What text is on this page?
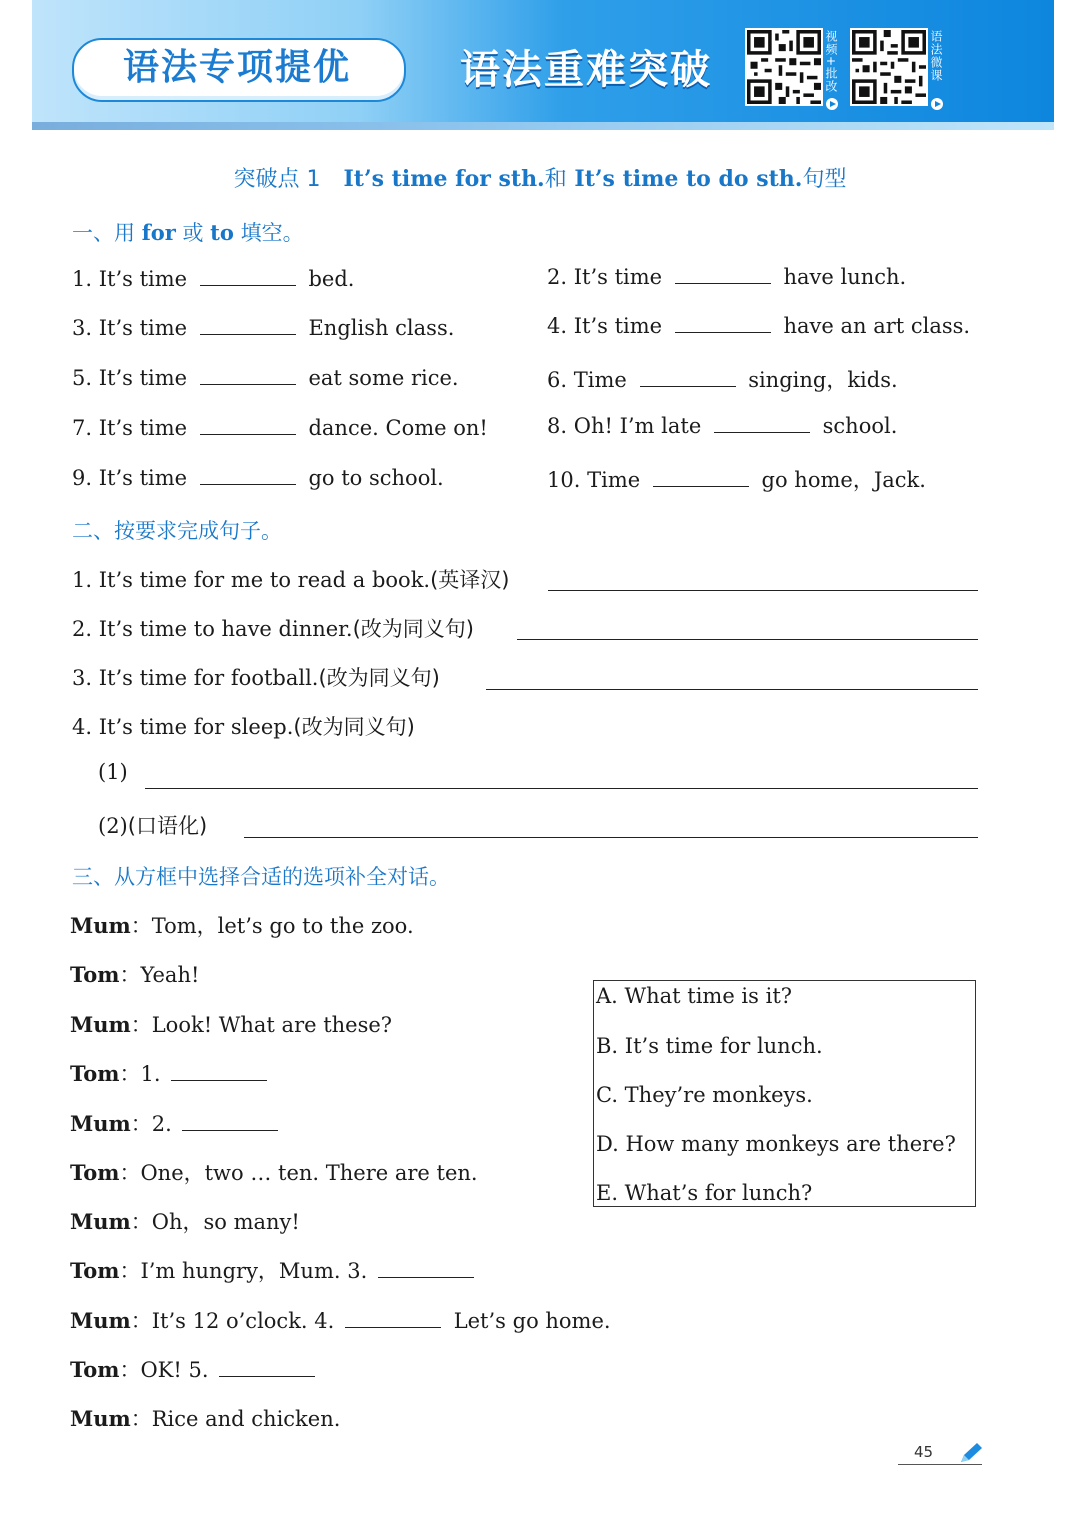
语法专项提优	语法重难突破	视频+批改	语法微课
突破点 1 It’s time for sth.和 It’s time to do sth.句型
一、用 for 或 to 填空。
1. It’s time	bed.
3. It’s time	English class.
5. It’s time	eat some rice.
7. It’s time	dance. Come on!
9. It’s time	go to school.
2. It’s time	have lunch.
4. It’s time	have an art class.
6. Time	singing，kids.
8. Oh! I’m late	school.
10. Time	go home，Jack.
二、按要求完成句子。
1. It’s time for me to read a book.(英译汉)
2. It’s time to have dinner.(改为同义句)
3. It’s time for football.(改为同义句)
4. It’s time for sleep.(改为同义句)
(1)
(2)(口语化)
三、从方框中选择合适的选项补全对话。
Mum：Tom，let’s go to the zoo.
Tom：Yeah!
Mum：Look! What are these?
Tom：1.
Mum：2.
Tom：One，two … ten. There are ten.
Mum：Oh，so many!
Tom：I’m hungry，Mum. 3.
Mum：It’s 12 o’clock. 4.	Let’s go home.
Tom：OK! 5.
Mum：Rice and chicken.
A. What time is it?
B. It’s time for lunch.
C. They’re monkeys.
D. How many monkeys are there?
E. What’s for lunch?
45
